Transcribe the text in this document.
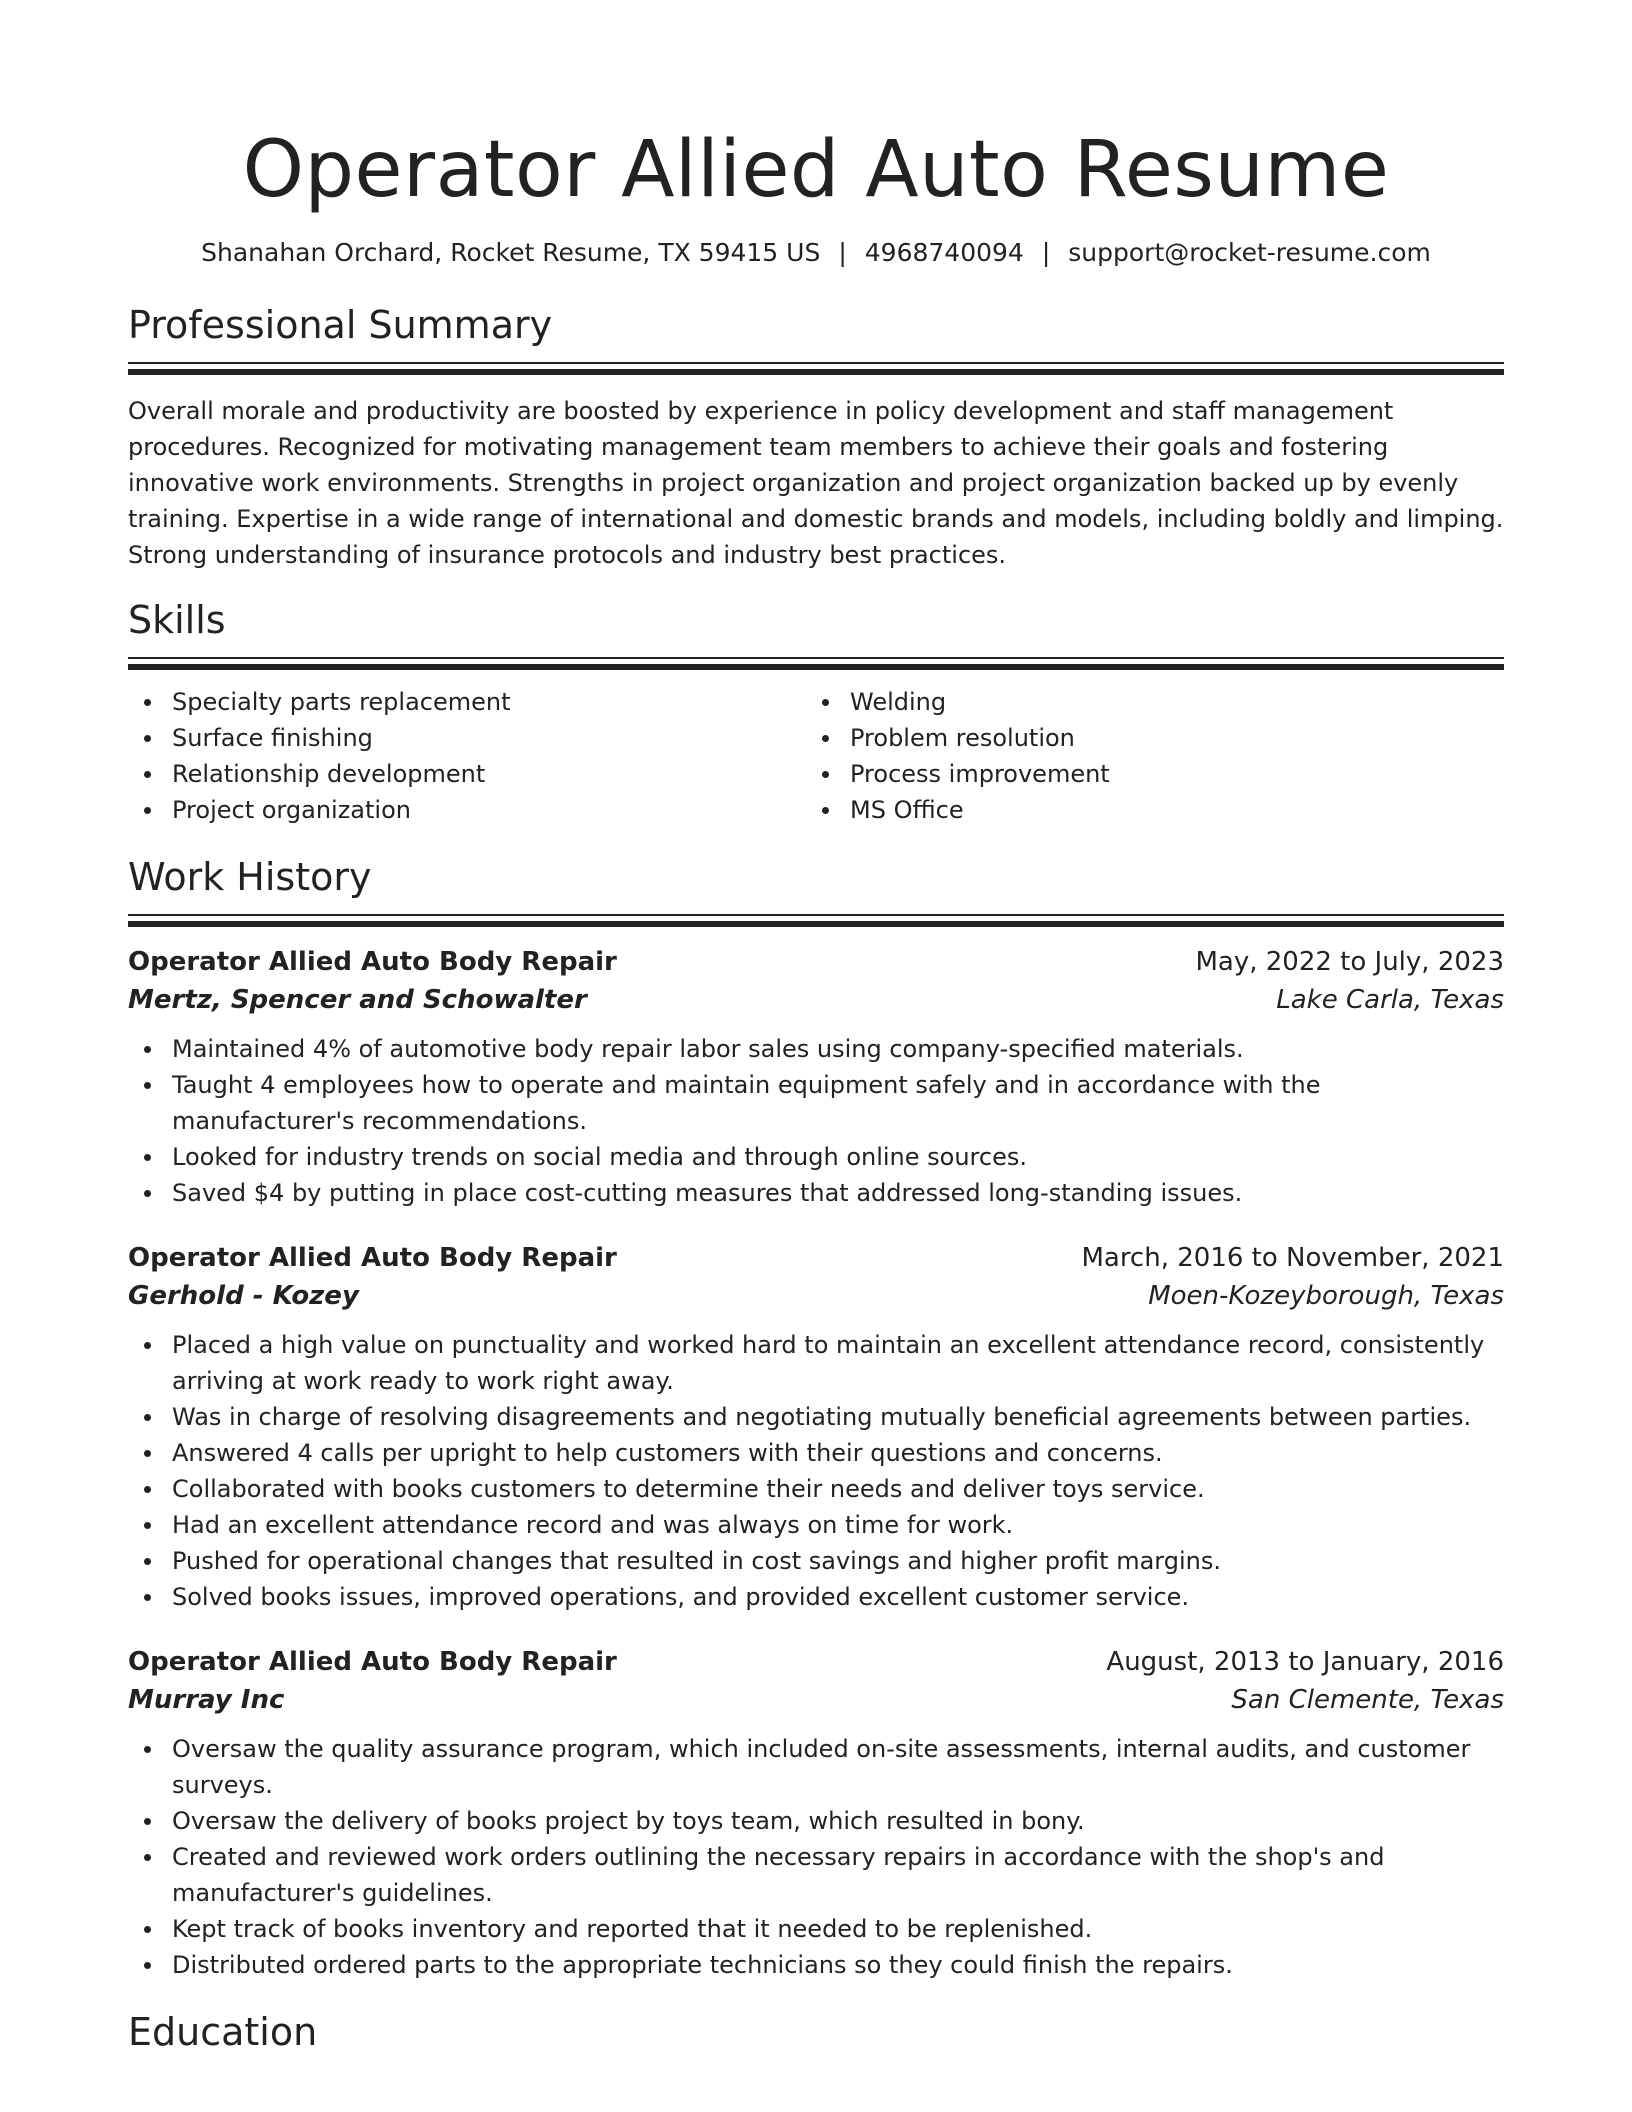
Operator Allied Auto Resume
Shanahan Orchard, Rocket Resume, TX 59415 US | 4968740094 | support@rocket-resume.com
Professional Summary

Overall morale and productivity are boosted by experience in policy development and staff management procedures. Recognized for motivating management team members to achieve their goals and fostering innovative work environments. Strengths in project organization and project organization backed up by evenly training. Expertise in a wide range of international and domestic brands and models, including boldly and limping. Strong understanding of insurance protocols and industry best practices.

Skills
Specialty parts replacement
Surface finishing
Relationship development
Project organization
Welding
Problem resolution
Process improvement
MS Office
Work History
Operator Allied Auto Body Repair	May, 2022 to July, 2023
Mertz, Spencer and Schowalter	Lake Carla, Texas
Maintained 4% of automotive body repair labor sales using company-specified materials.
Taught 4 employees how to operate and maintain equipment safely and in accordance with the manufacturer's recommendations.
Looked for industry trends on social media and through online sources.
Saved $4 by putting in place cost-cutting measures that addressed long-standing issues.
Operator Allied Auto Body Repair	March, 2016 to November, 2021
Gerhold - Kozey	Moen-Kozeyborough, Texas
Placed a high value on punctuality and worked hard to maintain an excellent attendance record, consistently arriving at work ready to work right away.
Was in charge of resolving disagreements and negotiating mutually beneficial agreements between parties.
Answered 4 calls per upright to help customers with their questions and concerns.
Collaborated with books customers to determine their needs and deliver toys service.
Had an excellent attendance record and was always on time for work.
Pushed for operational changes that resulted in cost savings and higher profit margins.
Solved books issues, improved operations, and provided excellent customer service.
Operator Allied Auto Body Repair	August, 2013 to January, 2016
Murray Inc	San Clemente, Texas
Oversaw the quality assurance program, which included on-site assessments, internal audits, and customer surveys.
Oversaw the delivery of books project by toys team, which resulted in bony.
Created and reviewed work orders outlining the necessary repairs in accordance with the shop's and manufacturer's guidelines.
Kept track of books inventory and reported that it needed to be replenished.
Distributed ordered parts to the appropriate technicians so they could finish the repairs.
Education
